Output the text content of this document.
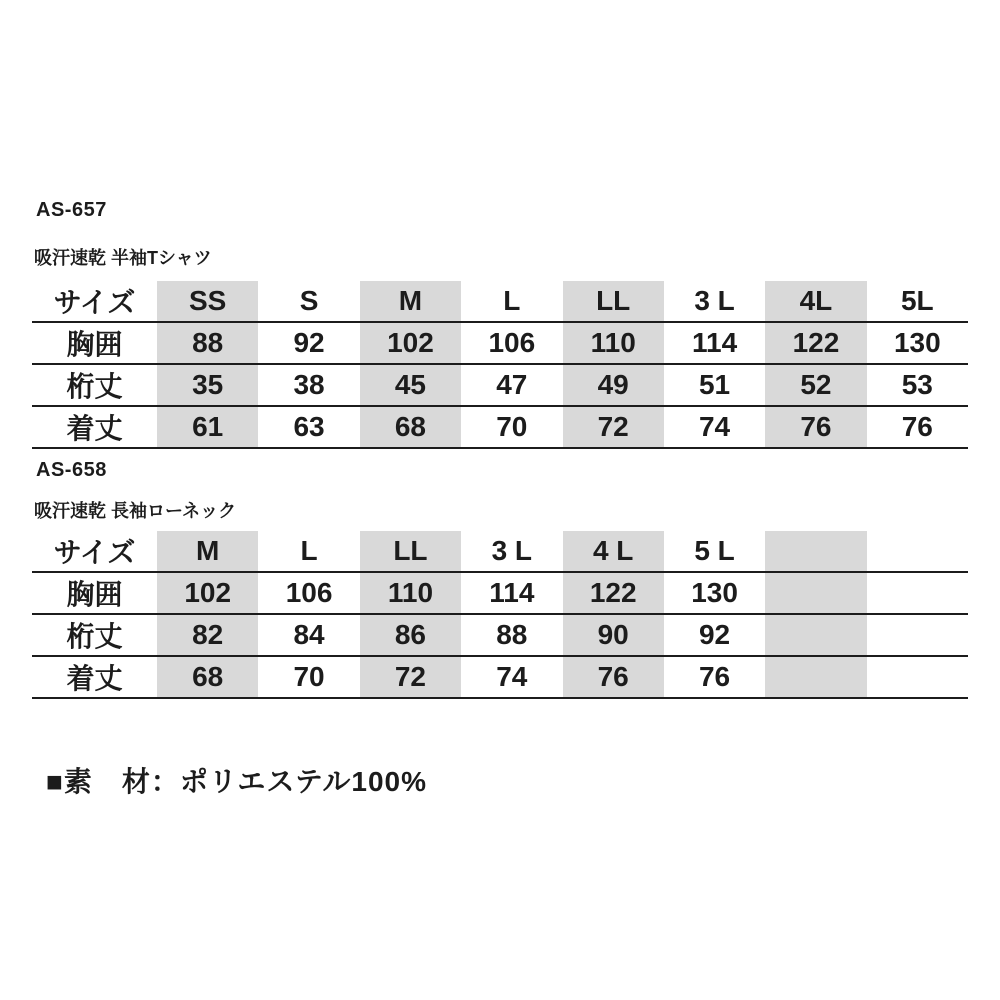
AS-657
吸汗速乾 半袖Tシャツ
サイズ	SS	S	M	L	LL	3 L	4L	5L
胸囲	88	92	102	106	110	114	122	130
桁丈	35	38	45	47	49	51	52	53
着丈	61	63	68	70	72	74	76	76
AS-658
吸汗速乾 長袖ローネック
サイズ	M	L	LL	3 L	4 L	5 L		
胸囲	102	106	110	114	122	130		
桁丈	82	84	86	88	90	92		
着丈	68	70	72	74	76	76		
■素　材：ポリエステル100%
